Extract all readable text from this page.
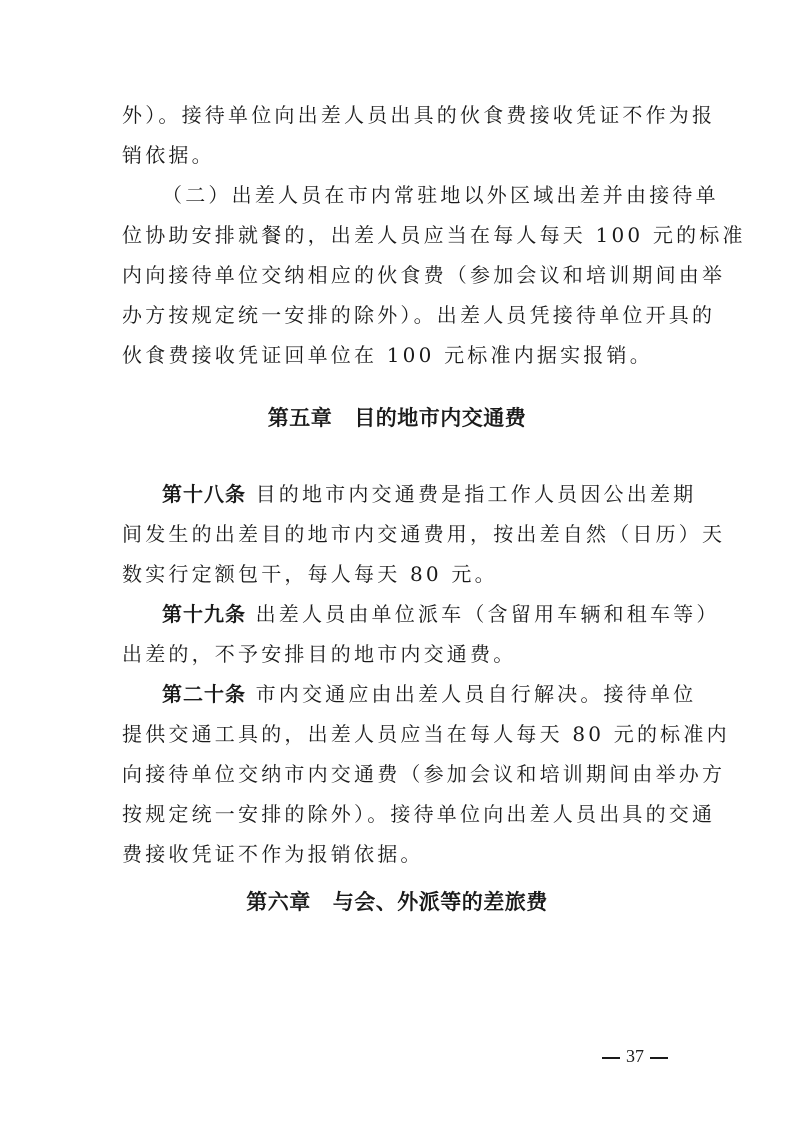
外）。接待单位向出差人员出具的伙食费接收凭证不作为报
销依据。
（二）出差人员在市内常驻地以外区域出差并由接待单
位协助安排就餐的，出差人员应当在每人每天 100 元的标准
内向接待单位交纳相应的伙食费（参加会议和培训期间由举
办方按规定统一安排的除外）。出差人员凭接待单位开具的
伙食费接收凭证回单位在 100 元标准内据实报销。
第五章 目的地市内交通费
第十八条 目的地市内交通费是指工作人员因公出差期
间发生的出差目的地市内交通费用，按出差自然（日历）天
数实行定额包干，每人每天 80 元。
第十九条 出差人员由单位派车（含留用车辆和租车等）
出差的，不予安排目的地市内交通费。
第二十条 市内交通应由出差人员自行解决。接待单位
提供交通工具的，出差人员应当在每人每天 80 元的标准内
向接待单位交纳市内交通费（参加会议和培训期间由举办方
按规定统一安排的除外）。接待单位向出差人员出具的交通
费接收凭证不作为报销依据。
第六章 与会、外派等的差旅费
37
